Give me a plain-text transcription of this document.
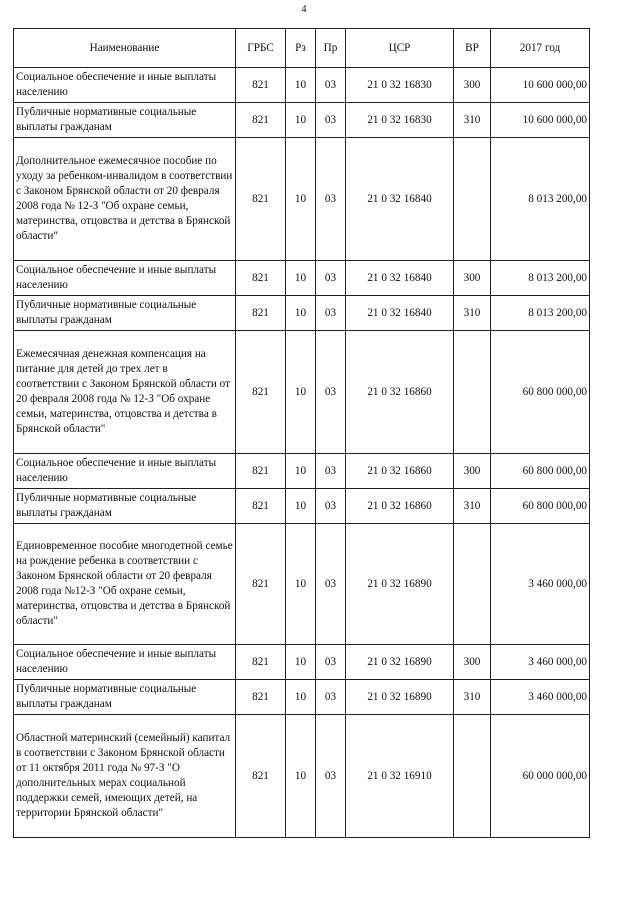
4
Наименование	ГРБС	Рз	Пр	ЦСР	ВР	2017 год
Социальное обеспечение и иные выплаты населению	821	10	03	21 0 32 16830	300	10 600 000,00
Публичные нормативные социальные выплаты гражданам	821	10	03	21 0 32 16830	310	10 600 000,00
Дополнительное ежемесячное пособие по уходу за ребенком-инвалидом в соответствии с Законом Брянской области от 20 февраля 2008 года № 12-З "Об охране семьи, материнства, отцовства и детства в Брянской области"	821	10	03	21 0 32 16840		8 013 200,00
Социальное обеспечение и иные выплаты населению	821	10	03	21 0 32 16840	300	8 013 200,00
Публичные нормативные социальные выплаты гражданам	821	10	03	21 0 32 16840	310	8 013 200,00
Ежемесячная денежная компенсация на питание для детей до трех лет в соответствии с Законом Брянской области от 20 февраля 2008 года № 12-З "Об охране семьи, материнства, отцовства и детства в Брянской области"	821	10	03	21 0 32 16860		60 800 000,00
Социальное обеспечение и иные выплаты населению	821	10	03	21 0 32 16860	300	60 800 000,00
Публичные нормативные социальные выплаты гражданам	821	10	03	21 0 32 16860	310	60 800 000,00
Единовременное пособие многодетной семье на рождение ребенка в соответствии с Законом Брянской области от 20 февраля 2008 года №12-З "Об охране семьи, материнства, отцовства и детства в Брянской области"	821	10	03	21 0 32 16890		3 460 000,00
Социальное обеспечение и иные выплаты населению	821	10	03	21 0 32 16890	300	3 460 000,00
Публичные нормативные социальные выплаты гражданам	821	10	03	21 0 32 16890	310	3 460 000,00
Областной материнский (семейный) капитал в соответствии с Законом Брянской области от 11 октября 2011 года № 97-З "О дополнительных мерах социальной поддержки семей, имеющих детей, на территории Брянской области"	821	10	03	21 0 32 16910		60 000 000,00
